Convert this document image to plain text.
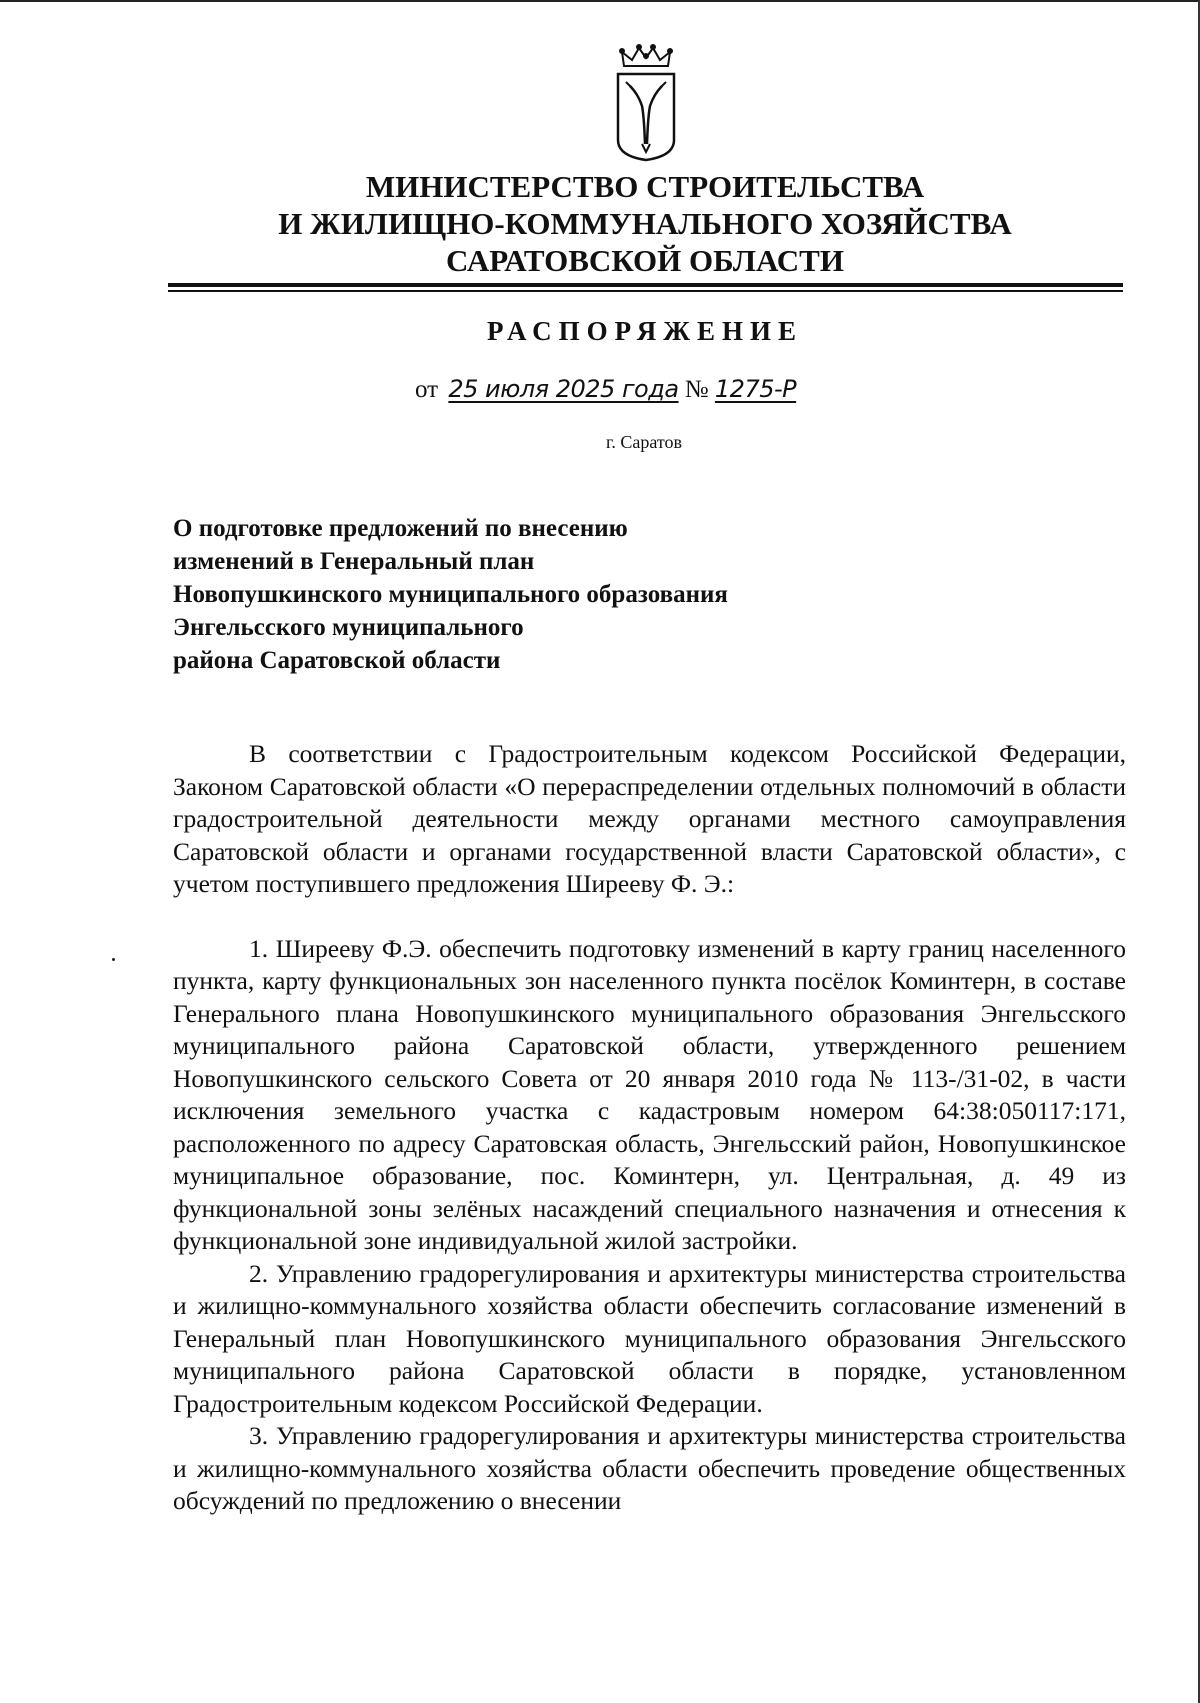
МИНИСТЕРСТВО СТРОИТЕЛЬСТВА
И ЖИЛИЩНО-КОММУНАЛЬНОГО ХОЗЯЙСТВА
САРАТОВСКОЙ ОБЛАСТИ
РАСПОРЯЖЕНИЕ
от 25 июля 2025 года № 1275-Р
г. Саратов
О подготовке предложений по внесению
изменений в Генеральный план
Новопушкинского муниципального образования
Энгельсского муниципального
района Саратовской области

В соответствии с Градостроительным кодексом Российской Федерации, Законом Саратовской области «О перераспределении отдельных полномочий в области градостроительной деятельности между органами местного самоуправления Саратовской области и органами государственной власти Саратовской области», с учетом поступившего предложения Ширееву Ф. Э.:

1. Ширееву Ф.Э. обеспечить подготовку изменений в карту границ населенного пункта, карту функциональных зон населенного пункта посёлок Коминтерн, в составе Генерального плана Новопушкинского муниципального образования Энгельсского муниципального района Саратовской области, утвержденного решением Новопушкинского сельского Совета от 20 января 2010 года № 113-/31-02, в части исключения земельного участка с кадастровым номером 64:38:050117:171, расположенного по адресу Саратовская область, Энгельсский район, Новопушкинское муниципальное образование, пос. Коминтерн, ул. Центральная, д. 49 из функциональной зоны зелёных насаждений специального назначения и отнесения к функциональной зоне индивидуальной жилой застройки.

2. Управлению градорегулирования и архитектуры министерства строительства и жилищно-коммунального хозяйства области обеспечить согласование изменений в Генеральный план Новопушкинского муниципального образования Энгельсского муниципального района Саратовской области в порядке, установленном Градостроительным кодексом Российской Федерации.

3. Управлению градорегулирования и архитектуры министерства строительства и жилищно-коммунального хозяйства области обеспечить проведение общественных обсуждений по предложению о внесении
